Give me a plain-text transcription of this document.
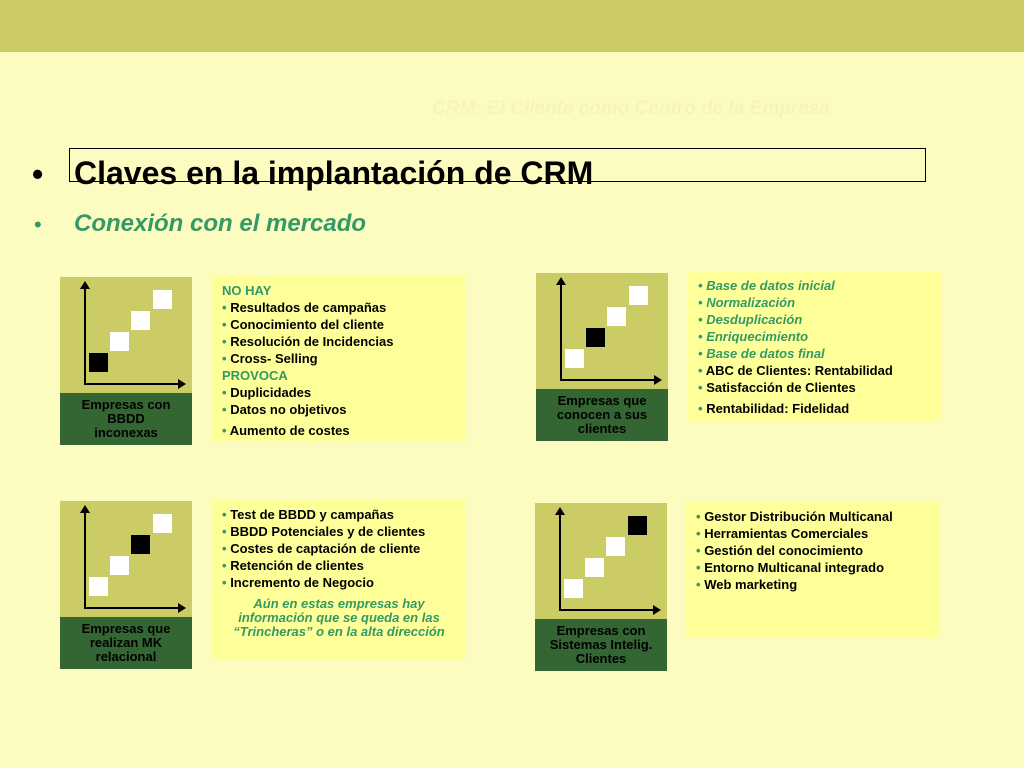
CRM: El Cliente como Centro de la Empresa
• Claves en la implantación de CRM
• Conexión con el mercado
Empresas con
BBDD
inconexas
Empresas que
conocen a sus
clientes
Empresas que
realizan MK
relacional
Empresas con
Sistemas Intelig.
Clientes
NO HAY
• Resultados de campañas
• Conocimiento del cliente
• Resolución de Incidencias
• Cross- Selling
PROVOCA
• Duplicidades
• Datos no objetivos
• Aumento de costes
• Base de datos inicial
• Normalización
• Desduplicación
• Enriquecimiento
• Base de datos final
• ABC de Clientes: Rentabilidad
• Satisfacción de Clientes
• Rentabilidad: Fidelidad
• Test de BBDD y campañas
• BBDD Potenciales y de clientes
• Costes de captación de cliente
• Retención de clientes
• Incremento de Negocio
Aún en estas empresas hay información que se queda en las “Trincheras” o en la alta dirección
• Gestor Distribución Multicanal
• Herramientas Comerciales
• Gestión del conocimiento
• Entorno Multicanal integrado
• Web marketing
